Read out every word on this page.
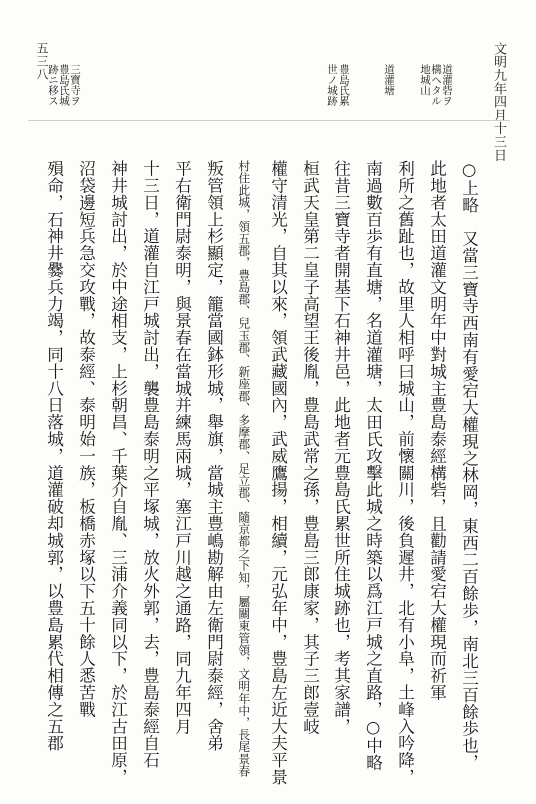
文明九年四月十三日
五三八
三寶寺ヲ
豊島氏城
跡ニ移ス	豊島氏累
世ノ城跡	道灌塘	道灌砦ヲ
構ヘタル
地城山
○上略　又當三寶寺西南有愛宕大權現之林岡，東西二百餘歩，南北三百餘歩也，
此地者太田道灌文明年中對城主豊島泰經構砦，且勸請愛宕大權現而祈軍
利所之舊趾也，故里人相呼曰城山，前懷關川，後負遲井，北有小阜，土峰入吟降，
南過數百歩有直塘，名道灌塘，太田氏攻擊此城之時築以爲江戸城之直路，○中略
往昔三寶寺者開基下石神井邑，此地者元豊島氏累世所住城跡也，考其家譜，
桓武天皇第二皇子高望王後胤，豊島武常之孫，豊島三郎康家，其子三郎壹岐
權守清光，自其以來，領武藏國內，武威鷹揚，相續，元弘年中，豊島左近大夫平景
村住此城，領五郡，豊島郡、兒玉郡、新座郡、多摩郡、足立郡、隨京都之下知，屬關東管領，文明年中，長尾景春
叛管領上杉顯定，籠當國鉢形城，舉旗，當城主豊嶋勘解由左衛門尉泰經，舍弟
平右衛門尉泰明，與景春在當城并練馬兩城，塞江戸川越之通路，同九年四月
十三日，道灌自江戸城討出，襲豊島泰明之平塚城，放火外郭，去，豊島泰經自石
神井城討出，於中途相支，上杉朝昌、千葉介自胤、三浦介義同以下，於江古田原，
沼袋邊短兵急交攻戰，故泰經、泰明始一族，板橋赤塚以下五十餘人悉苦戰
殞命，石神井爨兵力竭，同十八日落城，道灌破却城郭，以豊島累代相傳之五郡
